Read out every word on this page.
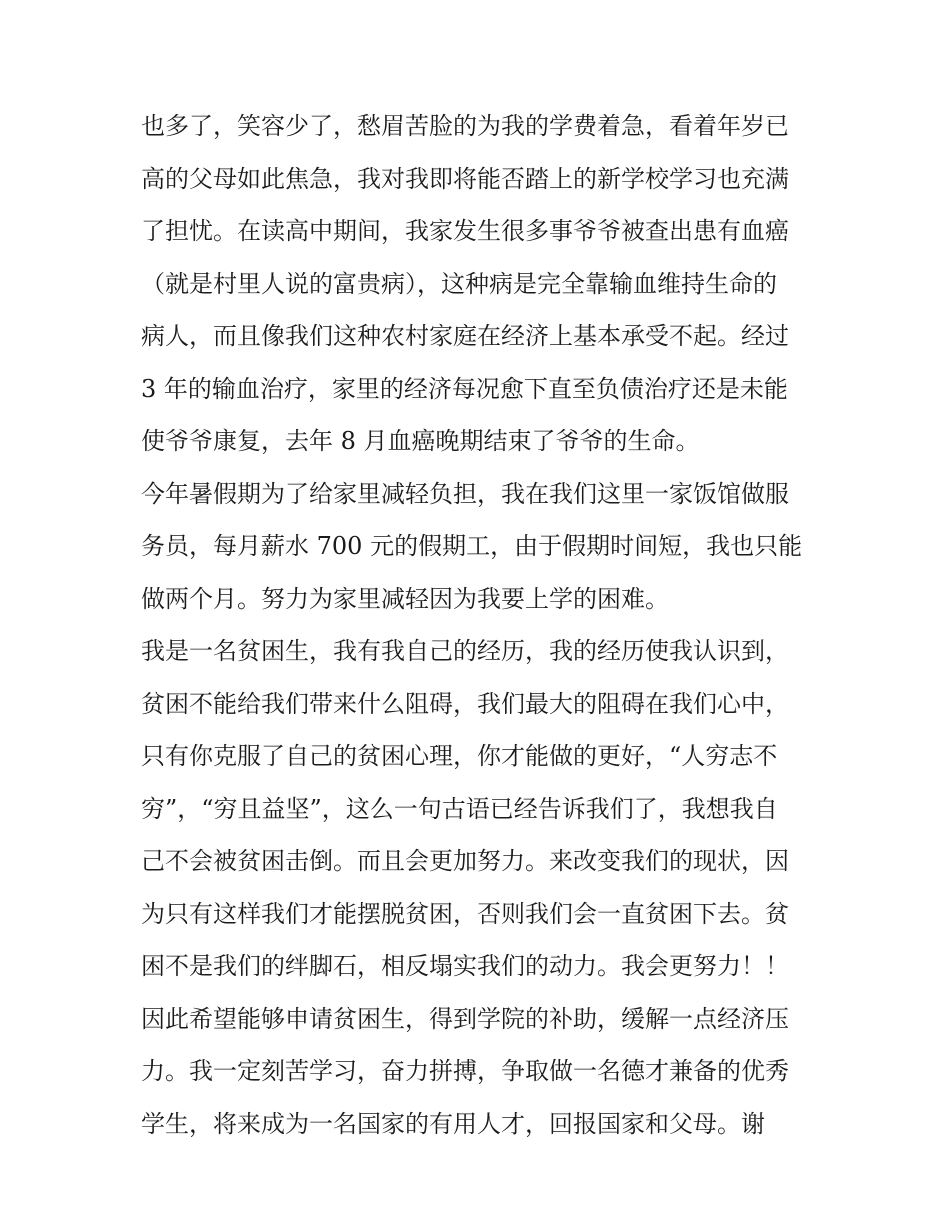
也多了，笑容少了，愁眉苦脸的为我的学费着急，看着年岁已
高的父母如此焦急，我对我即将能否踏上的新学校学习也充满
了担忧。在读高中期间，我家发生很多事爷爷被查出患有血癌
（就是村里人说的富贵病），这种病是完全靠输血维持生命的
病人，而且像我们这种农村家庭在经济上基本承受不起。经过
3 年的输血治疗，家里的经济每况愈下直至负债治疗还是未能
使爷爷康复，去年 8 月血癌晚期结束了爷爷的生命。
今年暑假期为了给家里减轻负担，我在我们这里一家饭馆做服
务员，每月薪水 700 元的假期工，由于假期时间短，我也只能
做两个月。努力为家里减轻因为我要上学的困难。
我是一名贫困生，我有我自己的经历，我的经历使我认识到，
贫困不能给我们带来什么阻碍，我们最大的阻碍在我们心中，
只有你克服了自己的贫困心理，你才能做的更好，“人穷志不
穷”，“穷且益坚”，这么一句古语已经告诉我们了，我想我自
己不会被贫困击倒。而且会更加努力。来改变我们的现状，因
为只有这样我们才能摆脱贫困，否则我们会一直贫困下去。贫
困不是我们的绊脚石，相反塌实我们的动力。我会更努力！！
因此希望能够申请贫困生，得到学院的补助，缓解一点经济压
力。我一定刻苦学习，奋力拼搏，争取做一名德才兼备的优秀
学生，将来成为一名国家的有用人才，回报国家和父母。谢
